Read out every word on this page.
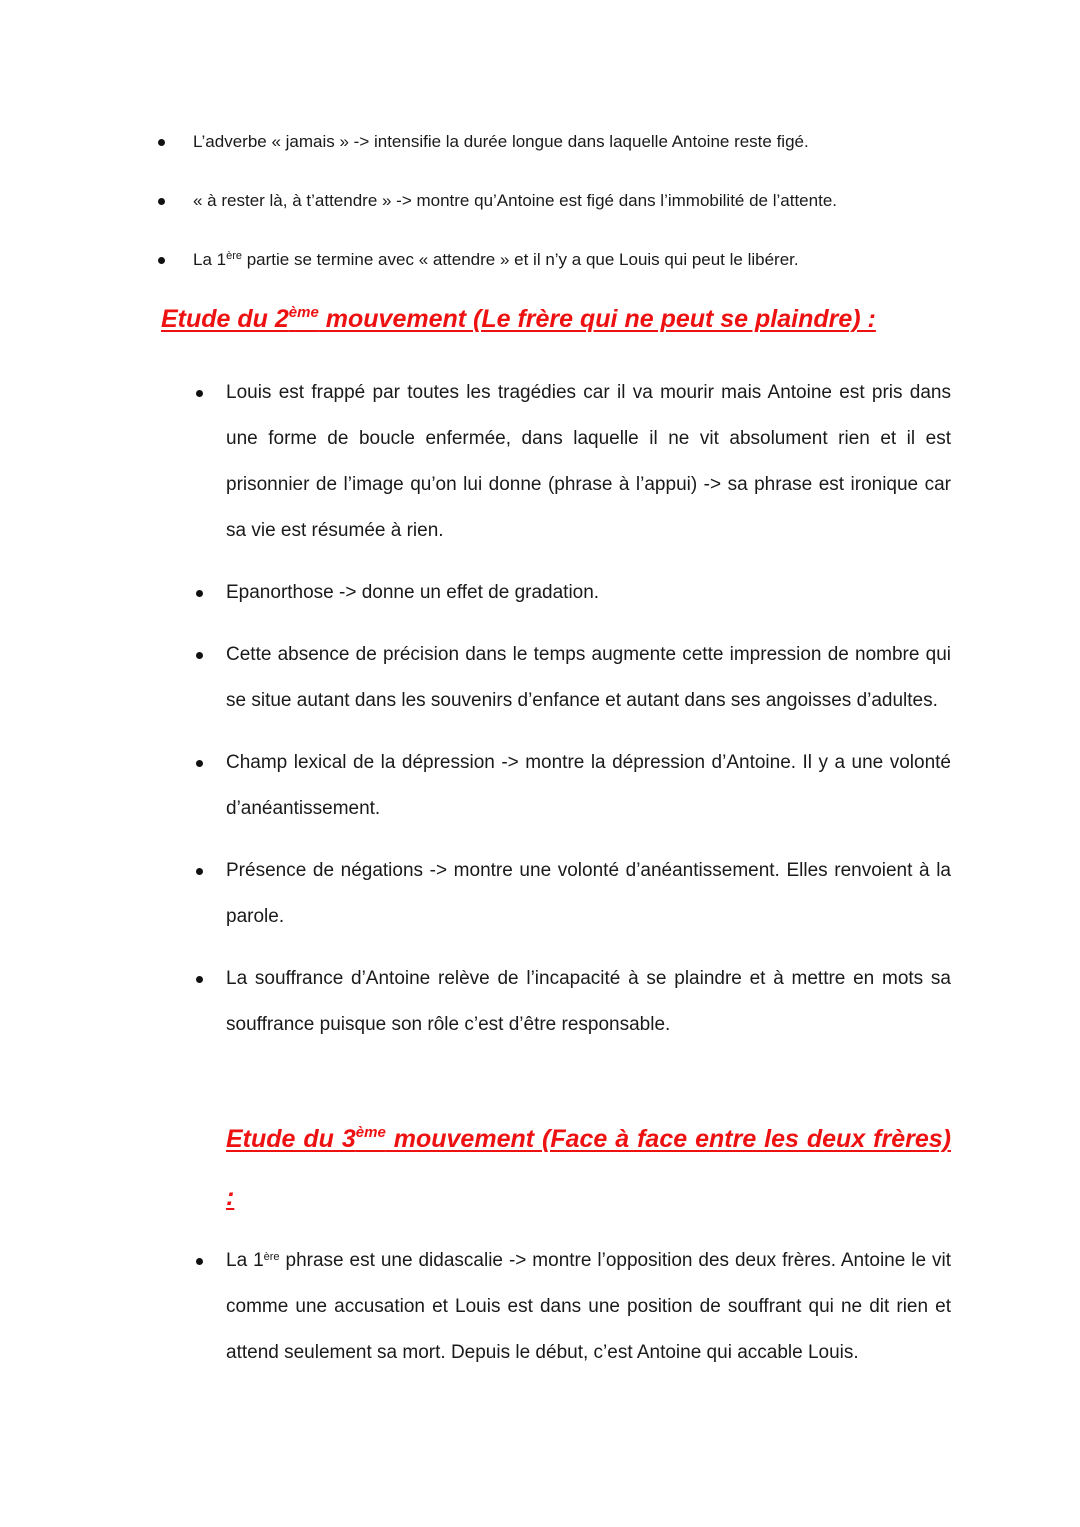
L’adverbe « jamais » -> intensifie la durée longue dans laquelle Antoine reste figé.
« à rester là, à t’attendre » -> montre qu’Antoine est figé dans l’immobilité de l’attente.
La 1ère partie se termine avec « attendre » et il n’y a que Louis qui peut le libérer.
Etude du 2ème mouvement (Le frère qui ne peut se plaindre) :
Louis est frappé par toutes les tragédies car il va mourir mais Antoine est pris dans une forme de boucle enfermée, dans laquelle il ne vit absolument rien et il est prisonnier de l’image qu’on lui donne (phrase à l’appui) -> sa phrase est ironique car sa vie est résumée à rien.
Epanorthose -> donne un effet de gradation.
Cette absence de précision dans le temps augmente cette impression de nombre qui se situe autant dans les souvenirs d’enfance et autant dans ses angoisses d’adultes.
Champ lexical de la dépression -> montre la dépression d’Antoine. Il y a une volonté d’anéantissement.
Présence de négations -> montre une volonté d’anéantissement. Elles renvoient à la parole.
La souffrance d’Antoine relève de l’incapacité à se plaindre et à mettre en mots sa souffrance puisque son rôle c’est d’être responsable.
Etude du 3ème mouvement (Face à face entre les deux frères) :
La 1ère phrase est une didascalie -> montre l’opposition des deux frères. Antoine le vit comme une accusation et Louis est dans une position de souffrant qui ne dit rien et attend seulement sa mort. Depuis le début, c’est Antoine qui accable Louis.
